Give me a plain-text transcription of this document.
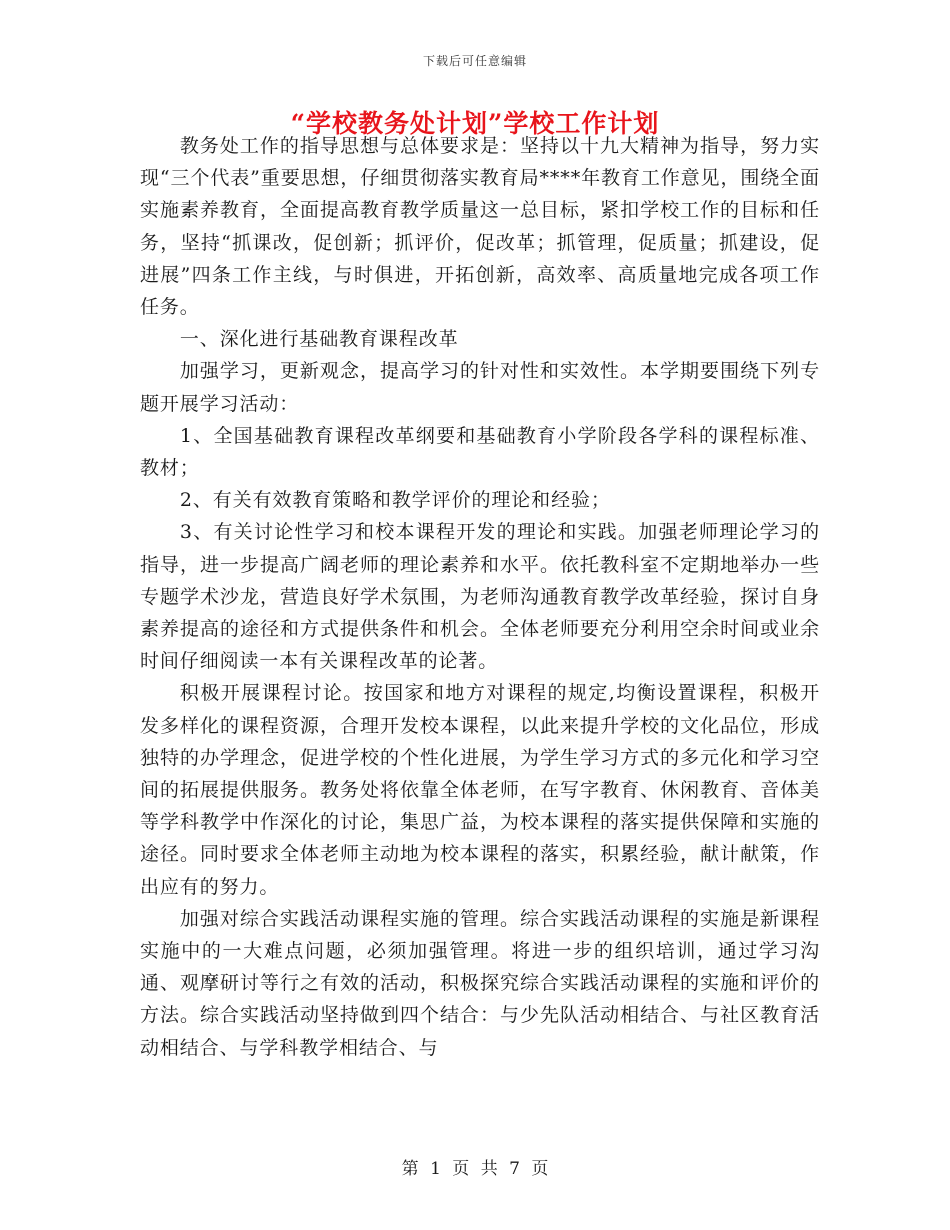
下载后可任意编辑
“学校教务处计划”学校工作计划

教务处工作的指导思想与总体要求是：坚持以十九大精神为指导，努力实现“三个代表”重要思想，仔细贯彻落实教育局****年教育工作意见，围绕全面实施素养教育，全面提高教育教学质量这一总目标，紧扣学校工作的目标和任务，坚持“抓课改，促创新；抓评价，促改革；抓管理，促质量；抓建设，促进展”四条工作主线，与时俱进，开拓创新，高效率、高质量地完成各项工作任务。

一、深化进行基础教育课程改革

加强学习，更新观念，提高学习的针对性和实效性。本学期要围绕下列专题开展学习活动：

1、全国基础教育课程改革纲要和基础教育小学阶段各学科的课程标准、教材；

2、有关有效教育策略和教学评价的理论和经验；

3、有关讨论性学习和校本课程开发的理论和实践。加强老师理论学习的指导，进一步提高广阔老师的理论素养和水平。依托教科室不定期地举办一些专题学术沙龙，营造良好学术氛围，为老师沟通教育教学改革经验，探讨自身素养提高的途径和方式提供条件和机会。全体老师要充分利用空余时间或业余时间仔细阅读一本有关课程改革的论著。

积极开展课程讨论。按国家和地方对课程的规定,均衡设置课程，积极开发多样化的课程资源，合理开发校本课程，以此来提升学校的文化品位，形成独特的办学理念，促进学校的个性化进展，为学生学习方式的多元化和学习空间的拓展提供服务。教务处将依靠全体老师，在写字教育、休闲教育、音体美等学科教学中作深化的讨论，集思广益，为校本课程的落实提供保障和实施的途径。同时要求全体老师主动地为校本课程的落实，积累经验，献计献策，作出应有的努力。

加强对综合实践活动课程实施的管理。综合实践活动课程的实施是新课程实施中的一大难点问题，必须加强管理。将进一步的组织培训，通过学习沟通、观摩研讨等行之有效的活动，积极探究综合实践活动课程的实施和评价的方法。综合实践活动坚持做到四个结合：与少先队活动相结合、与社区教育活动相结合、与学科教学相结合、与

第 1 页 共 7 页
